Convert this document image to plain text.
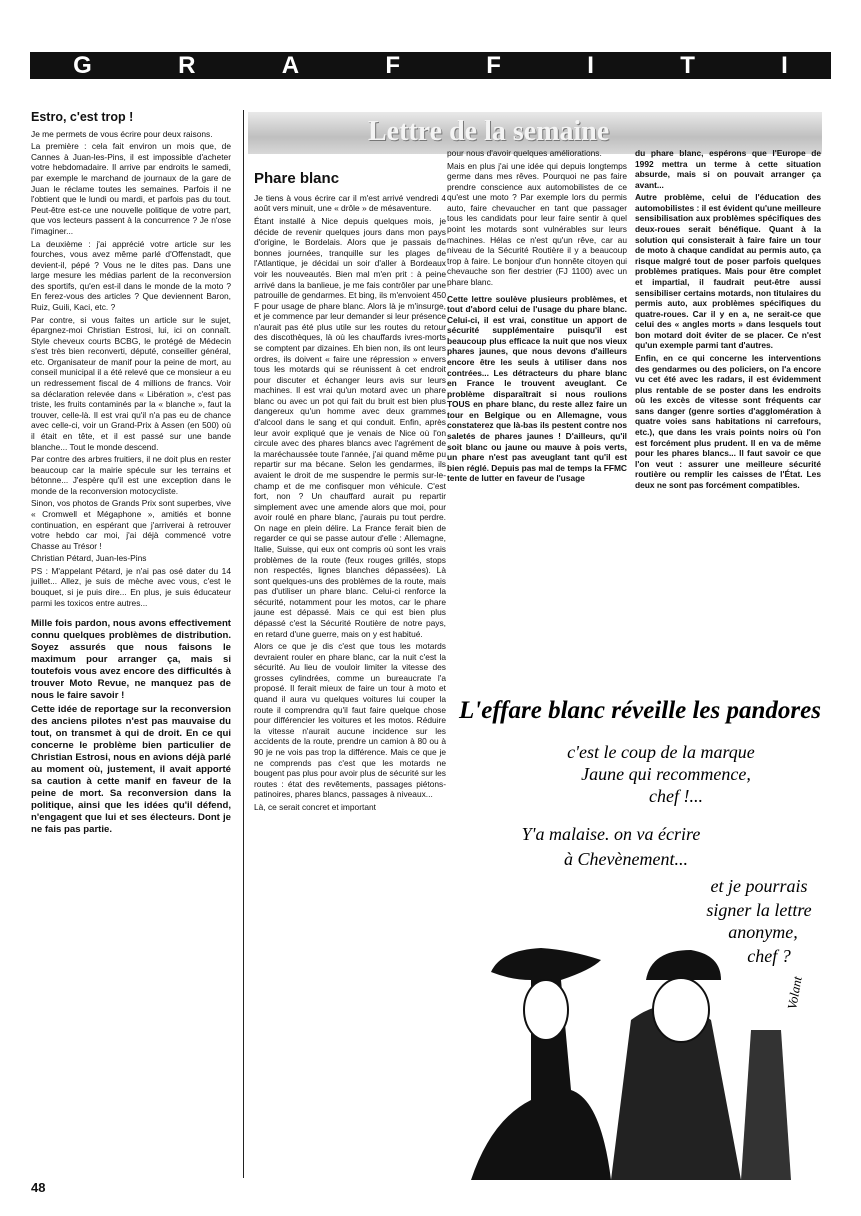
G	R	A	F	F	I	T	I
Lettre de la semaine
Estro, c'est trop !

Je me permets de vous écrire pour deux raisons.

La première : cela fait environ un mois que, de Cannes à Juan-les-Pins, il est impossible d'acheter votre hebdomadaire. Il arrive par endroits le samedi, par exemple le marchand de journaux de la gare de Juan le réclame toutes les semaines. Parfois il ne l'obtient que le lundi ou mardi, et parfois pas du tout. Peut-être est-ce une nouvelle politique de votre part, que vos lecteurs passent à la concurrence ? Je n'ose l'imaginer...

La deuxième : j'ai apprécié votre article sur les fourches, vous avez même parlé d'Offenstadt, que devient-il, pépé ? Vous ne le dites pas. Dans une large mesure les médias parlent de la reconversion des sportifs, qu'en est-il dans le monde de la moto ? En ferez-vous des articles ? Que deviennent Baron, Ruiz, Guili, Kaci, etc. ?

Par contre, si vous faites un article sur le sujet, épargnez-moi Christian Estrosi, lui, ici on connaît. Style cheveux courts BCBG, le protégé de Médecin s'est très bien reconverti, député, conseiller général, etc. Organisateur de manif pour la peine de mort, au conseil municipal il a été relevé que ce monsieur a eu un redressement fiscal de 4 millions de francs. Voir sa déclaration relevée dans « Libération », c'est pas triste, les fruits contaminés par la « blanche », faut la trouver, celle-là. Il est vrai qu'il n'a pas eu de chance avec celle-ci, voir un Grand-Prix à Assen (en 500) où il était en tête, et il est passé sur une bande blanche... Tout le monde descend.

Par contre des arbres fruitiers, il ne doit plus en rester beaucoup car la mairie spécule sur les terrains et bétonne... J'espère qu'il est une exception dans le monde de la reconversion motocycliste.

Sinon, vos photos de Grands Prix sont superbes, vive « Cromwell et Mégaphone », amitiés et bonne continuation, en espérant que j'arriverai à retrouver votre hebdo car moi, j'ai déjà commencé votre Chasse au Trésor !

Christian Pétard, Juan-les-Pins

PS : M'appelant Pétard, je n'ai pas osé dater du 14 juillet... Allez, je suis de mèche avec vous, c'est le bouquet, si je puis dire... En plus, je suis éducateur parmi les toxicos entre autres...

Mille fois pardon, nous avons effectivement connu quelques problèmes de distribution. Soyez assurés que nous faisons le maximum pour arranger ça, mais si toutefois vous avez encore des difficultés à trouver Moto Revue, ne manquez pas de nous le faire savoir !

Cette idée de reportage sur la reconversion des anciens pilotes n'est pas mauvaise du tout, on transmet à qui de droit. En ce qui concerne le problème bien particulier de Christian Estrosi, nous en avions déjà parlé au moment où, justement, il avait apporté sa caution à cette manif en faveur de la peine de mort. Sa reconversion dans la politique, ainsi que les idées qu'il défend, n'engagent que lui et ses électeurs. Dont je ne fais pas partie.

Phare blanc

Je tiens à vous écrire car il m'est arrivé vendredi 4 août vers minuit, une « drôle » de mésaventure.

Étant installé à Nice depuis quelques mois, je décide de revenir quelques jours dans mon pays d'origine, le Bordelais. Alors que je passais de bonnes journées, tranquille sur les plages de l'Atlantique, je décidai un soir d'aller à Bordeaux voir les nouveautés. Bien mal m'en prit : à peine arrivé dans la banlieue, je me fais contrôler par une patrouille de gendarmes. Et bing, ils m'envoient 450 F pour usage de phare blanc. Alors là je m'insurge, et je commence par leur demander si leur présence n'aurait pas été plus utile sur les routes du retour des discothèques, là où les chauffards ivres-morts se comptent par dizaines. Eh bien non, ils ont leurs ordres, ils doivent « faire une répression » envers tous les motards qui se réunissent à cet endroit pour discuter et échanger leurs avis sur leurs machines. Il est vrai qu'un motard avec un phare blanc ou avec un pot qui fait du bruit est bien plus dangereux qu'un homme avec deux grammes d'alcool dans le sang et qui conduit. Enfin, après leur avoir expliqué que je venais de Nice où l'on circule avec des phares blancs avec l'agrément de la maréchaussée toute l'année, j'ai quand même pu repartir sur ma bécane. Selon les gendarmes, ils avaient le droit de me suspendre le permis sur-le-champ et de me confisquer mon véhicule. C'est fort, non ? Un chauffard aurait pu repartir simplement avec une amende alors que moi, pour avoir roulé en phare blanc, j'aurais pu tout perdre. On nage en plein délire. La France ferait bien de regarder ce qui se passe autour d'elle : Allemagne, Italie, Suisse, qui eux ont compris où sont les vrais problèmes de la route (feux rouges grillés, stops non respectés, lignes blanches dépassées). Là sont quelques-uns des problèmes de la route, mais pas d'utiliser un phare blanc. Celui-ci renforce la sécurité, notamment pour les motos, car le phare jaune est dépassé. Mais ce qui est bien plus dépassé c'est la Sécurité Routière de notre pays, en retard d'une guerre, mais on y est habitué.

Alors ce que je dis c'est que tous les motards devraient rouler en phare blanc, car la nuit c'est la sécurité. Au lieu de vouloir limiter la vitesse des grosses cylindrées, comme un bureaucrate l'a proposé. Il ferait mieux de faire un tour à moto et quand il aura vu quelques voitures lui couper la route il comprendra qu'il faut faire quelque chose pour différencier les voitures et les motos. Réduire la vitesse n'aurait aucune incidence sur les accidents de la route, prendre un camion à 80 ou à 90 je ne vois pas trop la différence. Mais ce que je ne comprends pas c'est que les motards ne bougent pas plus pour avoir plus de sécurité sur les routes : état des revêtements, passages piétons-patinoires, phares blancs, passages à niveaux...

Là, ce serait concret et important

pour nous d'avoir quelques améliorations.

Mais en plus j'ai une idée qui depuis longtemps germe dans mes rêves. Pourquoi ne pas faire prendre conscience aux automobilistes de ce qu'est une moto ? Par exemple lors du permis auto, faire chevaucher en tant que passager tous les candidats pour leur faire sentir à quel point les motards sont vulnérables sur leurs machines. Hélas ce n'est qu'un rêve, car au niveau de la Sécurité Routière il y a beaucoup trop à faire. Le bonjour d'un honnête citoyen qui chevauche son fier destrier (FJ 1100) avec un phare blanc.

Cette lettre soulève plusieurs problèmes, et tout d'abord celui de l'usage du phare blanc. Celui-ci, il est vrai, constitue un apport de sécurité supplémentaire puisqu'il est beaucoup plus efficace la nuit que nos vieux phares jaunes, que nous devons d'ailleurs encore être les seuls à utiliser dans nos contrées... Les détracteurs du phare blanc en France le trouvent aveuglant. Ce problème disparaîtrait si nous roulions TOUS en phare blanc, du reste allez faire un tour en Belgique ou en Allemagne, vous constaterez que là-bas ils pestent contre nos saletés de phares jaunes ! D'ailleurs, qu'il soit blanc ou jaune ou mauve à pois verts, un phare n'est pas aveuglant tant qu'il est bien réglé. Depuis pas mal de temps la FFMC tente de lutter en faveur de l'usage

du phare blanc, espérons que l'Europe de 1992 mettra un terme à cette situation absurde, mais si on pouvait arranger ça avant...

Autre problème, celui de l'éducation des automobilistes : il est évident qu'une meilleure sensibilisation aux problèmes spécifiques des deux-roues serait bénéfique. Quant à la solution qui consisterait à faire faire un tour de moto à chaque candidat au permis auto, ça risque malgré tout de poser parfois quelques problèmes pratiques. Mais pour être complet et impartial, il faudrait peut-être aussi sensibiliser certains motards, non titulaires du permis auto, aux problèmes spécifiques du quatre-roues. Car il y en a, ne serait-ce que celui des « angles morts » dans lesquels tout bon motard doit éviter de se placer. Ce n'est qu'un exemple parmi tant d'autres.

Enfin, en ce qui concerne les interventions des gendarmes ou des policiers, on l'a encore vu cet été avec les radars, il est évidemment plus rentable de se poster dans les endroits où les excès de vitesse sont fréquents car sans danger (genre sorties d'agglomération à quatre voies sans habitations ni carrefours, etc.), que dans les vrais points noirs où l'on est forcément plus prudent. Il en va de même pour les phares blancs... Il faut savoir ce que l'on veut : assurer une meilleure sécurité routière ou remplir les caisses de l'État. Les deux ne sont pas forcément compatibles.

L'effare blanc réveille les pandores
c'est le coup de la marque
Jaune qui recommence,
chef !...
Y'a malaise. on va écrire
à Chevènement...
et je pourrais
signer la lettre
anonyme,
chef ?
Volant
48
